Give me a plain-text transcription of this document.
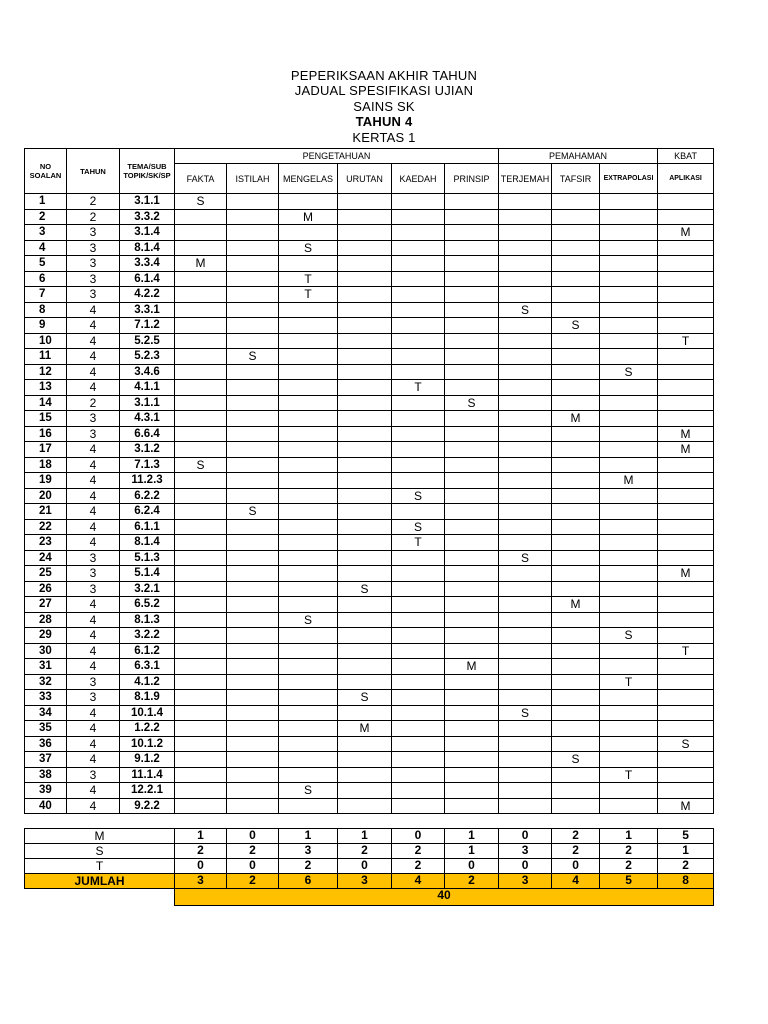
PEPERIKSAAN AKHIR TAHUN
JADUAL SPESIFIKASI UJIAN
SAINS SK
TAHUN 4
KERTAS 1
NO SOALAN	TAHUN	TEMA/SUB TOPIK/SK/SP	PENGETAHUAN						PEMAHAMAN			KBAT
			FAKTA	ISTILAH	MENGELAS	URUTAN	KAEDAH	PRINSIP	TERJEMAH	TAFSIR	EXTRAPOLASI	APLIKASI
1	2	3.1.1	S									
2	2	3.3.2			M							
3	3	3.1.4										M
4	3	8.1.4			S							
5	3	3.3.4	M									
6	3	6.1.4			T							
7	3	4.2.2			T							
8	4	3.3.1							S			
9	4	7.1.2								S		
10	4	5.2.5										T
11	4	5.2.3		S								
12	4	3.4.6									S	
13	4	4.1.1					T					
14	2	3.1.1						S				
15	3	4.3.1								M		
16	3	6.6.4										M
17	4	3.1.2										M
18	4	7.1.3	S									
19	4	11.2.3									M	
20	4	6.2.2					S					
21	4	6.2.4		S								
22	4	6.1.1					S					
23	4	8.1.4					T					
24	3	5.1.3							S			
25	3	5.1.4										M
26	3	3.2.1				S						
27	4	6.5.2								M		
28	4	8.1.3			S							
29	4	3.2.2									S	
30	4	6.1.2										T
31	4	6.3.1						M				
32	3	4.1.2									T	
33	3	8.1.9				S						
34	4	10.1.4							S			
35	4	1.2.2				M						
36	4	10.1.2										S
37	4	9.1.2								S		
38	3	11.1.4									T	
39	4	12.2.1			S							
40	4	9.2.2										M

M			1	0	1	1	0	1	0	2	1	5
S			2	2	3	2	2	1	3	2	2	1
T			0	0	2	0	2	0	0	0	2	2
JUMLAH			3	2	6	3	4	2	3	4	5	8
			40									
